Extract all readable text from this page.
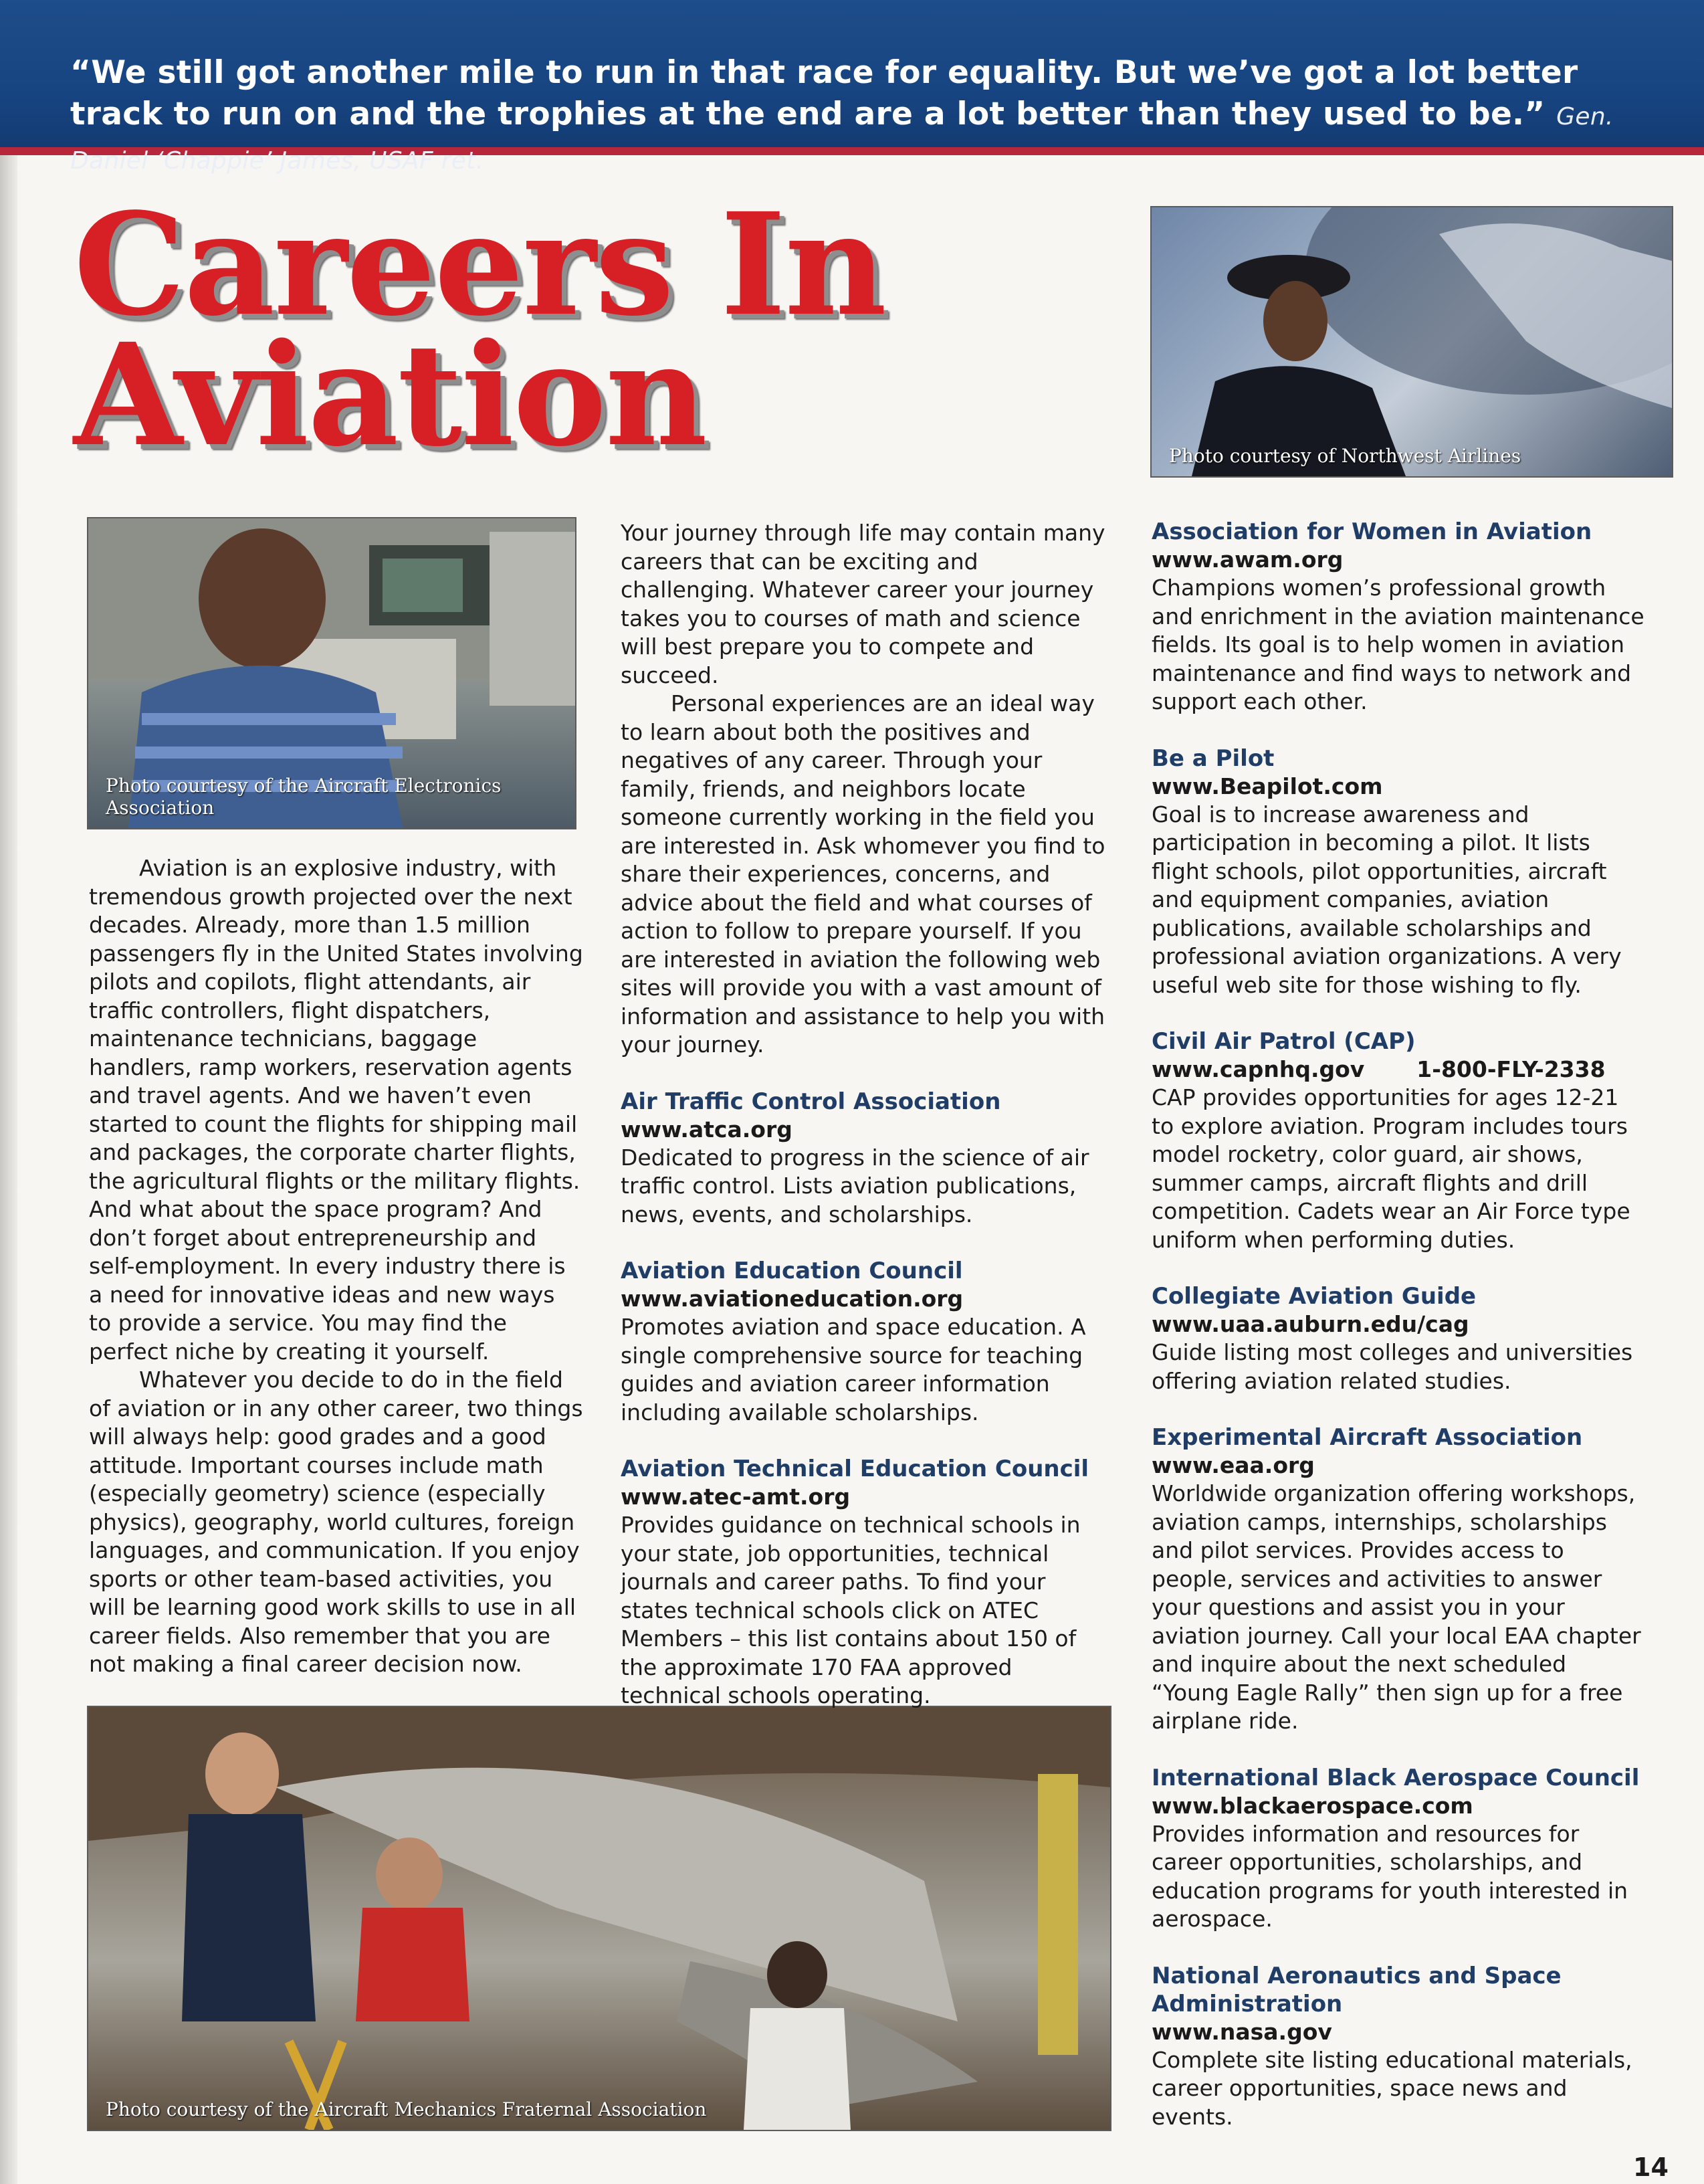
“We still got another mile to run in that race for equality. But we’ve got a lot better track to run on and the trophies at the end are a lot better than they used to be.” Gen. Daniel ‘Chappie’ James, USAF ret.
Careers In
Aviation	Photo courtesy of Northwest Airlines
Photo courtesy of the Aircraft Electronics Association
Photo courtesy of the Aircraft Mechanics Fraternal Association

Aviation is an explosive industry, with tremendous growth projected over the next decades. Already, more than 1.5 million passengers fly in the United States involving pilots and copilots, flight attendants, air traffic controllers, flight dispatchers, maintenance technicians, baggage handlers, ramp workers, reservation agents and travel agents. And we haven’t even started to count the flights for shipping mail and packages, the corporate charter flights, the agricultural flights or the military flights. And what about the space program? And don’t forget about entrepreneurship and self-employment. In every industry there is a need for innovative ideas and new ways to provide a service. You may find the perfect niche by creating it yourself.

Whatever you decide to do in the field of aviation or in any other career, two things will always help: good grades and a good attitude. Important courses include math (especially geometry) science (especially physics), geography, world cultures, foreign languages, and communication. If you enjoy sports or other team-based activities, you will be learning good work skills to use in all career fields. Also remember that you are not making a final career decision now.

Your journey through life may contain many careers that can be exciting and challenging. Whatever career your journey takes you to courses of math and science will best prepare you to compete and succeed.

Personal experiences are an ideal way to learn about both the positives and negatives of any career. Through your family, friends, and neighbors locate someone currently working in the field you are interested in. Ask whomever you find to share their experiences, concerns, and advice about the field and what courses of action to follow to prepare yourself. If you are interested in aviation the following web sites will provide you with a vast amount of information and assistance to help you with your journey.

Air Traffic Control Association
www.atca.org
Dedicated to progress in the science of air traffic control. Lists aviation publications, news, events, and scholarships.
Aviation Education Council
www.aviationeducation.org
Promotes aviation and space education. A single comprehensive source for teaching guides and aviation career information including available scholarships.
Aviation Technical Education Council
www.atec-amt.org
Provides guidance on technical schools in your state, job opportunities, technical journals and career paths. To find your states technical schools click on ATEC Members – this list contains about 150 of the approximate 170 FAA approved technical schools operating.
Association for Women in Aviation
www.awam.org
Champions women’s professional growth and enrichment in the aviation maintenance fields. Its goal is to help women in aviation maintenance and find ways to network and support each other.
Be a Pilot
www.Beapilot.com
Goal is to increase awareness and participation in becoming a pilot. It lists flight schools, pilot opportunities, aircraft and equipment companies, aviation publications, available scholarships and professional aviation organizations. A very useful web site for those wishing to fly.
Civil Air Patrol (CAP)
www.capnhq.gov 1-800-FLY-2338
CAP provides opportunities for ages 12-21 to explore aviation. Program includes tours model rocketry, color guard, air shows, summer camps, aircraft flights and drill competition. Cadets wear an Air Force type uniform when performing duties.
Collegiate Aviation Guide
www.uaa.auburn.edu/cag
Guide listing most colleges and universities offering aviation related studies.
Experimental Aircraft Association
www.eaa.org
Worldwide organization offering workshops, aviation camps, internships, scholarships and pilot services. Provides access to people, services and activities to answer your questions and assist you in your aviation journey. Call your local EAA chapter and inquire about the next scheduled “Young Eagle Rally” then sign up for a free airplane ride.
International Black Aerospace Council
www.blackaerospace.com
Provides information and resources for career opportunities, scholarships, and education programs for youth interested in aerospace.
National Aeronautics and Space Administration
www.nasa.gov
Complete site listing educational materials, career opportunities, space news and events.
14
